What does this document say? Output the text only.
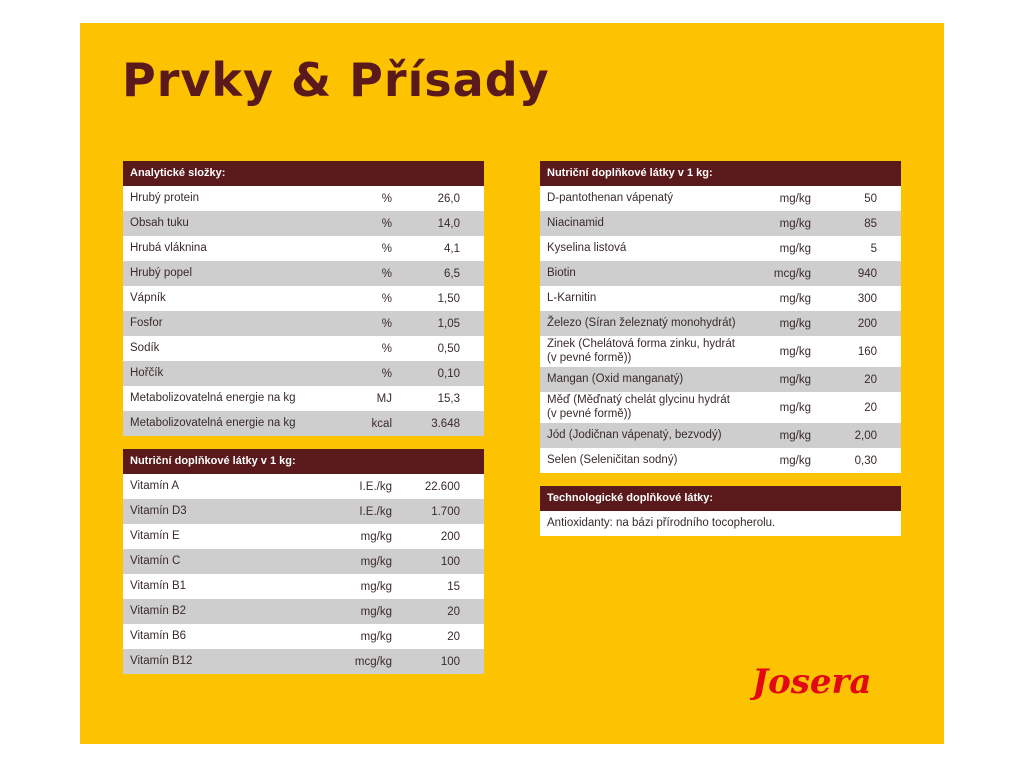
Prvky & Přísady
Analytické složky:
Hrubý protein	%	26,0
Obsah tuku	%	14,0
Hrubá vláknina	%	4,1
Hrubý popel	%	6,5
Vápník	%	1,50
Fosfor	%	1,05
Sodík	%	0,50
Hořčík	%	0,10
Metabolizovatelná energie na kg	MJ	15,3
Metabolizovatelná energie na kg	kcal	3.648
Nutriční doplňkové látky v 1 kg:
Vitamín A	I.E./kg	22.600
Vitamín D3	I.E./kg	1.700
Vitamín E	mg/kg	200
Vitamín C	mg/kg	100
Vitamín B1	mg/kg	15
Vitamín B2	mg/kg	20
Vitamín B6	mg/kg	20
Vitamín B12	mcg/kg	100
Nutriční doplňkové látky v 1 kg:
D-pantothenan vápenatý	mg/kg	50
Niacinamid	mg/kg	85
Kyselina listová	mg/kg	5
Biotin	mcg/kg	940
L-Karnitin	mg/kg	300
Železo (Síran železnatý monohydrát)	mg/kg	200
Zinek (Chelátová forma zinku, hydrát
(v pevné formě))	mg/kg	160
Mangan (Oxid manganatý)	mg/kg	20
Měď (Měďnatý chelát glycinu hydrát
(v pevné formě))	mg/kg	20
Jód (Jodičnan vápenatý, bezvodý)	mg/kg	2,00
Selen (Seleničitan sodný)	mg/kg	0,30
Technologické doplňkové látky:
Antioxidanty: na bázi přírodního tocopherolu.
Josera
